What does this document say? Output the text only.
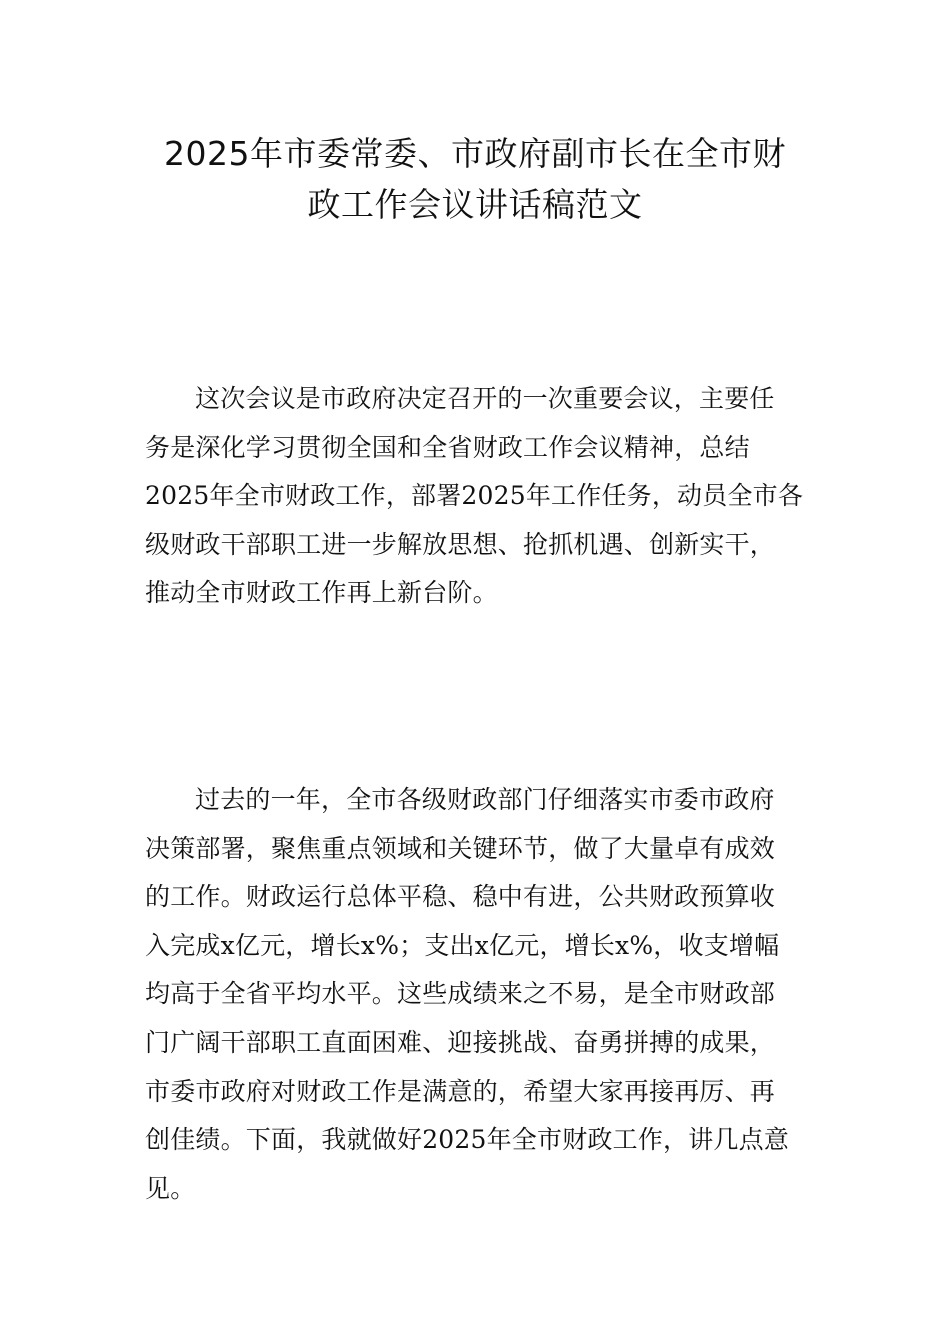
2025年市委常委、市政府副市长在全市财
政工作会议讲话稿范文
这次会议是市政府决定召开的一次重要会议，主要任
务是深化学习贯彻全国和全省财政工作会议精神，总结
2025年全市财政工作，部署2025年工作任务，动员全市各
级财政干部职工进一步解放思想、抢抓机遇、创新实干，
推动全市财政工作再上新台阶。
过去的一年，全市各级财政部门仔细落实市委市政府
决策部署，聚焦重点领域和关键环节，做了大量卓有成效
的工作。财政运行总体平稳、稳中有进，公共财政预算收
入完成x亿元，增长x%；支出x亿元，增长x%，收支增幅
均高于全省平均水平。这些成绩来之不易，是全市财政部
门广阔干部职工直面困难、迎接挑战、奋勇拼搏的成果，
市委市政府对财政工作是满意的，希望大家再接再厉、再
创佳绩。下面，我就做好2025年全市财政工作，讲几点意
见。
